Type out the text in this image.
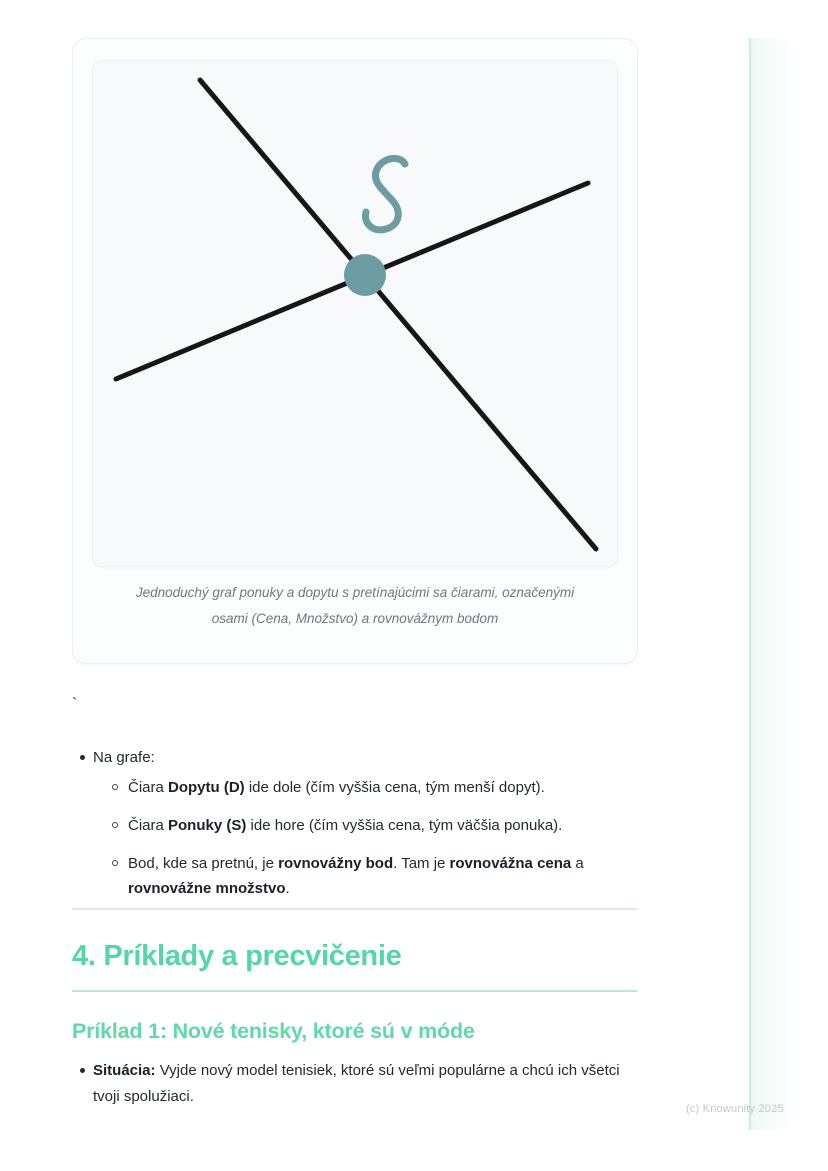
Jednoduchý graf ponuky a dopytu s pretínajúcimi sa čiarami, označenými
osami (Cena, Množstvo) a rovnovážnym bodom
`
Na grafe:
Čiara Dopytu (D) ide dole (čím vyššia cena, tým menší dopyt).
Čiara Ponuky (S) ide hore (čím vyššia cena, tým väčšia ponuka).
Bod, kde sa pretnú, je rovnovážny bod. Tam je rovnovážna cena a rovnovážne množstvo.
4. Príklady a precvičenie
Príklad 1: Nové tenisky, ktoré sú v móde
Situácia: Vyjde nový model tenisiek, ktoré sú veľmi populárne a chcú ich všetci tvoji spolužiaci.
(c) Knowunity 2025
